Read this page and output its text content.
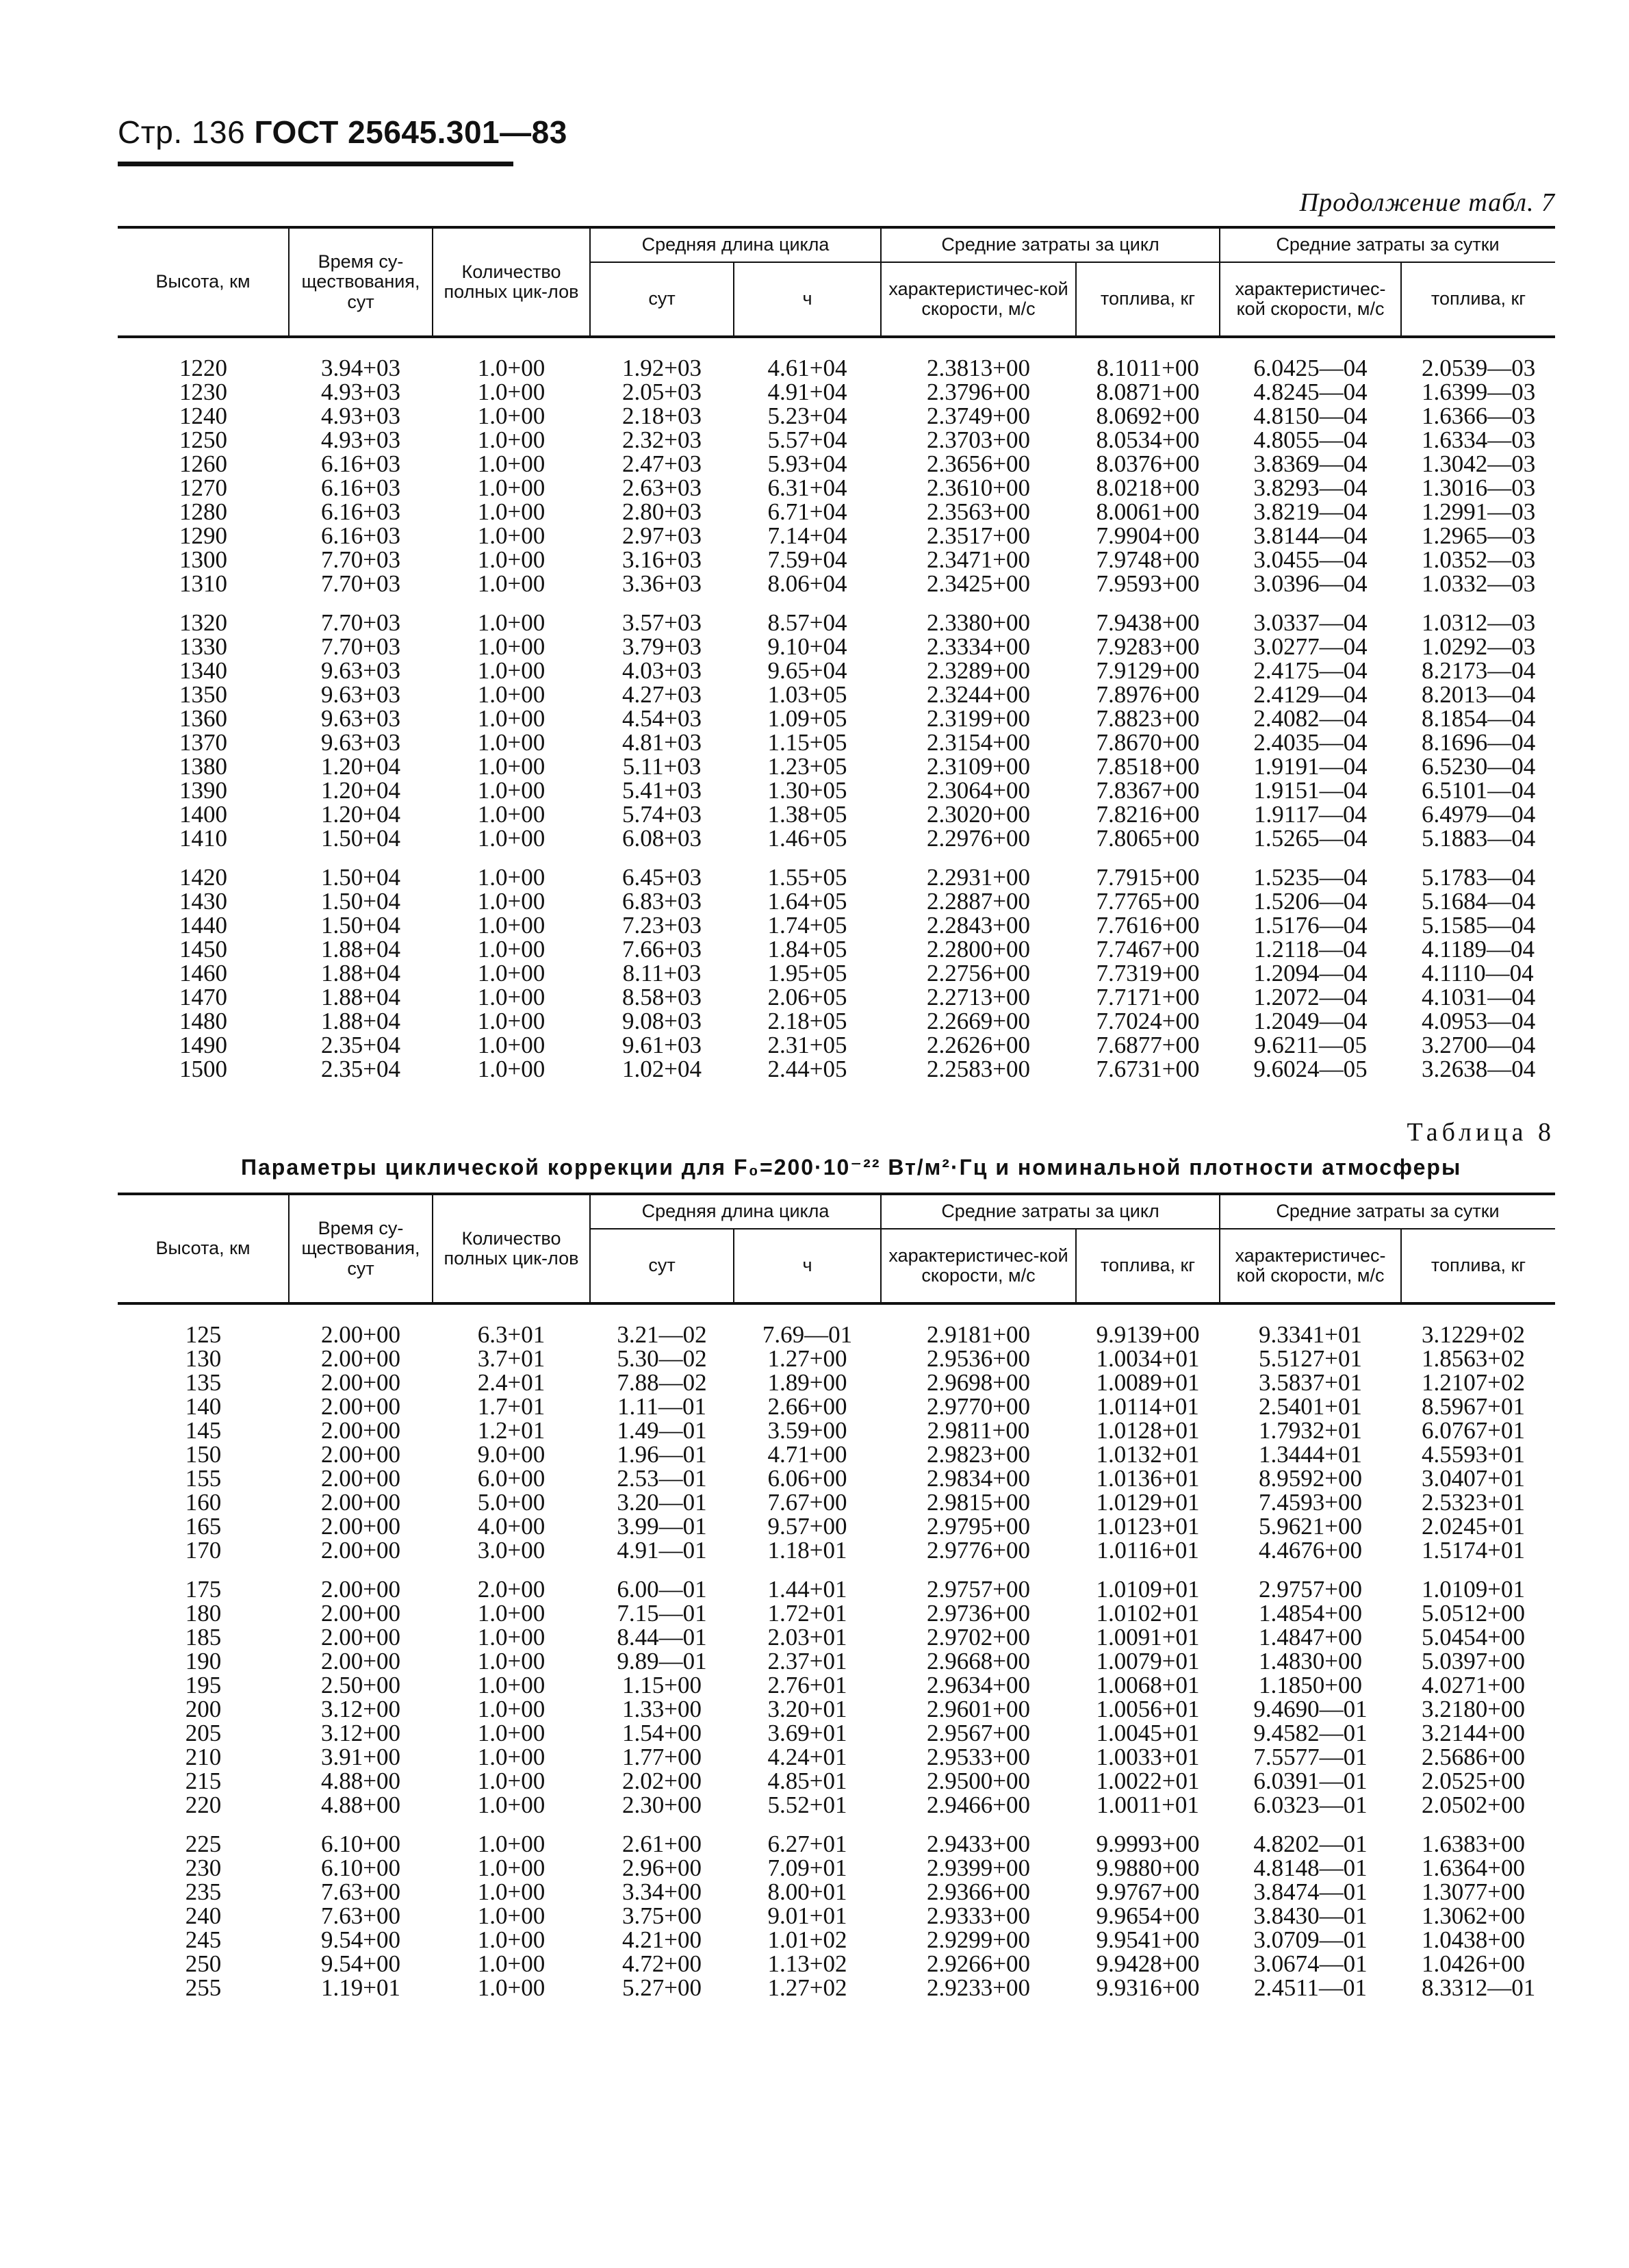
Стр. 136 ГОСТ 25645.301—83
Продолжение табл. 7
Высота, км	Время су-ществования, сут	Количество полных цик-лов	Средняя длина цикла		Средние затраты за цикл		Средние затраты за сутки	
			сут	ч	характеристичес-кой скорости, м/с	топлива, кг	характеристичес-кой скорости, м/с	топлива, кг

1220	3.94+03	1.0+00	1.92+03	4.61+04	2.3813+00	8.1011+00	6.0425—04	2.0539—03
1230	4.93+03	1.0+00	2.05+03	4.91+04	2.3796+00	8.0871+00	4.8245—04	1.6399—03
1240	4.93+03	1.0+00	2.18+03	5.23+04	2.3749+00	8.0692+00	4.8150—04	1.6366—03
1250	4.93+03	1.0+00	2.32+03	5.57+04	2.3703+00	8.0534+00	4.8055—04	1.6334—03
1260	6.16+03	1.0+00	2.47+03	5.93+04	2.3656+00	8.0376+00	3.8369—04	1.3042—03
1270	6.16+03	1.0+00	2.63+03	6.31+04	2.3610+00	8.0218+00	3.8293—04	1.3016—03
1280	6.16+03	1.0+00	2.80+03	6.71+04	2.3563+00	8.0061+00	3.8219—04	1.2991—03
1290	6.16+03	1.0+00	2.97+03	7.14+04	2.3517+00	7.9904+00	3.8144—04	1.2965—03
1300	7.70+03	1.0+00	3.16+03	7.59+04	2.3471+00	7.9748+00	3.0455—04	1.0352—03
1310	7.70+03	1.0+00	3.36+03	8.06+04	2.3425+00	7.9593+00	3.0396—04	1.0332—03

1320	7.70+03	1.0+00	3.57+03	8.57+04	2.3380+00	7.9438+00	3.0337—04	1.0312—03
1330	7.70+03	1.0+00	3.79+03	9.10+04	2.3334+00	7.9283+00	3.0277—04	1.0292—03
1340	9.63+03	1.0+00	4.03+03	9.65+04	2.3289+00	7.9129+00	2.4175—04	8.2173—04
1350	9.63+03	1.0+00	4.27+03	1.03+05	2.3244+00	7.8976+00	2.4129—04	8.2013—04
1360	9.63+03	1.0+00	4.54+03	1.09+05	2.3199+00	7.8823+00	2.4082—04	8.1854—04
1370	9.63+03	1.0+00	4.81+03	1.15+05	2.3154+00	7.8670+00	2.4035—04	8.1696—04
1380	1.20+04	1.0+00	5.11+03	1.23+05	2.3109+00	7.8518+00	1.9191—04	6.5230—04
1390	1.20+04	1.0+00	5.41+03	1.30+05	2.3064+00	7.8367+00	1.9151—04	6.5101—04
1400	1.20+04	1.0+00	5.74+03	1.38+05	2.3020+00	7.8216+00	1.9117—04	6.4979—04
1410	1.50+04	1.0+00	6.08+03	1.46+05	2.2976+00	7.8065+00	1.5265—04	5.1883—04

1420	1.50+04	1.0+00	6.45+03	1.55+05	2.2931+00	7.7915+00	1.5235—04	5.1783—04
1430	1.50+04	1.0+00	6.83+03	1.64+05	2.2887+00	7.7765+00	1.5206—04	5.1684—04
1440	1.50+04	1.0+00	7.23+03	1.74+05	2.2843+00	7.7616+00	1.5176—04	5.1585—04
1450	1.88+04	1.0+00	7.66+03	1.84+05	2.2800+00	7.7467+00	1.2118—04	4.1189—04
1460	1.88+04	1.0+00	8.11+03	1.95+05	2.2756+00	7.7319+00	1.2094—04	4.1110—04
1470	1.88+04	1.0+00	8.58+03	2.06+05	2.2713+00	7.7171+00	1.2072—04	4.1031—04
1480	1.88+04	1.0+00	9.08+03	2.18+05	2.2669+00	7.7024+00	1.2049—04	4.0953—04
1490	2.35+04	1.0+00	9.61+03	2.31+05	2.2626+00	7.6877+00	9.6211—05	3.2700—04
1500	2.35+04	1.0+00	1.02+04	2.44+05	2.2583+00	7.6731+00	9.6024—05	3.2638—04
Таблица 8
Параметры циклической коррекции для F₀=200·10⁻²² Вт/м²·Гц и номинальной плотности атмосферы
Высота, км	Время су-ществования, сут	Количество полных цик-лов	Средняя длина цикла		Средние затраты за цикл		Средние затраты за сутки	
			сут	ч	характеристичес-кой скорости, м/с	топлива, кг	характеристичес-кой скорости, м/с	топлива, кг

125	2.00+00	6.3+01	3.21—02	7.69—01	2.9181+00	9.9139+00	9.3341+01	3.1229+02
130	2.00+00	3.7+01	5.30—02	1.27+00	2.9536+00	1.0034+01	5.5127+01	1.8563+02
135	2.00+00	2.4+01	7.88—02	1.89+00	2.9698+00	1.0089+01	3.5837+01	1.2107+02
140	2.00+00	1.7+01	1.11—01	2.66+00	2.9770+00	1.0114+01	2.5401+01	8.5967+01
145	2.00+00	1.2+01	1.49—01	3.59+00	2.9811+00	1.0128+01	1.7932+01	6.0767+01
150	2.00+00	9.0+00	1.96—01	4.71+00	2.9823+00	1.0132+01	1.3444+01	4.5593+01
155	2.00+00	6.0+00	2.53—01	6.06+00	2.9834+00	1.0136+01	8.9592+00	3.0407+01
160	2.00+00	5.0+00	3.20—01	7.67+00	2.9815+00	1.0129+01	7.4593+00	2.5323+01
165	2.00+00	4.0+00	3.99—01	9.57+00	2.9795+00	1.0123+01	5.9621+00	2.0245+01
170	2.00+00	3.0+00	4.91—01	1.18+01	2.9776+00	1.0116+01	4.4676+00	1.5174+01

175	2.00+00	2.0+00	6.00—01	1.44+01	2.9757+00	1.0109+01	2.9757+00	1.0109+01
180	2.00+00	1.0+00	7.15—01	1.72+01	2.9736+00	1.0102+01	1.4854+00	5.0512+00
185	2.00+00	1.0+00	8.44—01	2.03+01	2.9702+00	1.0091+01	1.4847+00	5.0454+00
190	2.00+00	1.0+00	9.89—01	2.37+01	2.9668+00	1.0079+01	1.4830+00	5.0397+00
195	2.50+00	1.0+00	1.15+00	2.76+01	2.9634+00	1.0068+01	1.1850+00	4.0271+00
200	3.12+00	1.0+00	1.33+00	3.20+01	2.9601+00	1.0056+01	9.4690—01	3.2180+00
205	3.12+00	1.0+00	1.54+00	3.69+01	2.9567+00	1.0045+01	9.4582—01	3.2144+00
210	3.91+00	1.0+00	1.77+00	4.24+01	2.9533+00	1.0033+01	7.5577—01	2.5686+00
215	4.88+00	1.0+00	2.02+00	4.85+01	2.9500+00	1.0022+01	6.0391—01	2.0525+00
220	4.88+00	1.0+00	2.30+00	5.52+01	2.9466+00	1.0011+01	6.0323—01	2.0502+00

225	6.10+00	1.0+00	2.61+00	6.27+01	2.9433+00	9.9993+00	4.8202—01	1.6383+00
230	6.10+00	1.0+00	2.96+00	7.09+01	2.9399+00	9.9880+00	4.8148—01	1.6364+00
235	7.63+00	1.0+00	3.34+00	8.00+01	2.9366+00	9.9767+00	3.8474—01	1.3077+00
240	7.63+00	1.0+00	3.75+00	9.01+01	2.9333+00	9.9654+00	3.8430—01	1.3062+00
245	9.54+00	1.0+00	4.21+00	1.01+02	2.9299+00	9.9541+00	3.0709—01	1.0438+00
250	9.54+00	1.0+00	4.72+00	1.13+02	2.9266+00	9.9428+00	3.0674—01	1.0426+00
255	1.19+01	1.0+00	5.27+00	1.27+02	2.9233+00	9.9316+00	2.4511—01	8.3312—01
